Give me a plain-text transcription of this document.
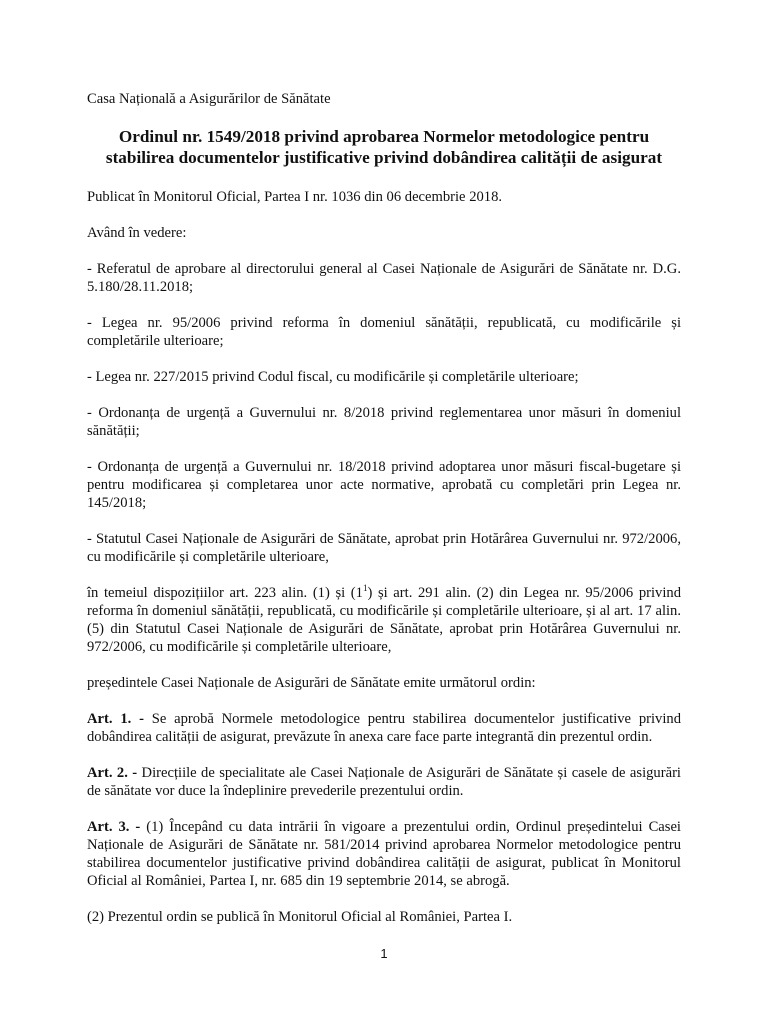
Casa Națională a Asigurărilor de Sănătate

Ordinul nr. 1549/2018 privind aprobarea Normelor metodologice pentru stabilirea documentelor justificative privind dobândirea calității de asigurat

Publicat în Monitorul Oficial, Partea I nr. 1036 din 06 decembrie 2018.

Având în vedere:

- Referatul de aprobare al directorului general al Casei Naționale de Asigurări de Sănătate nr. D.G. 5.180/28.11.2018;

- Legea nr. 95/2006 privind reforma în domeniul sănătății, republicată, cu modificările și completările ulterioare;

- Legea nr. 227/2015 privind Codul fiscal, cu modificările și completările ulterioare;

- Ordonanța de urgență a Guvernului nr. 8/2018 privind reglementarea unor măsuri în domeniul sănătății;

- Ordonanța de urgență a Guvernului nr. 18/2018 privind adoptarea unor măsuri fiscal-bugetare și pentru modificarea și completarea unor acte normative, aprobată cu completări prin Legea nr. 145/2018;

- Statutul Casei Naționale de Asigurări de Sănătate, aprobat prin Hotărârea Guvernului nr. 972/2006, cu modificările și completările ulterioare,

în temeiul dispozițiilor art. 223 alin. (1) și $(1^1)$ și art. 291 alin. (2) din Legea nr. 95/2006 privind reforma în domeniul sănătății, republicată, cu modificările și completările ulterioare, și al art. 17 alin. (5) din Statutul Casei Naționale de Asigurări de Sănătate, aprobat prin Hotărârea Guvernului nr. 972/2006, cu modificările și completările ulterioare,

președintele Casei Naționale de Asigurări de Sănătate emite următorul ordin:

Art. 1. - Se aprobă Normele metodologice pentru stabilirea documentelor justificative privind dobândirea calității de asigurat, prevăzute în anexa care face parte integrantă din prezentul ordin.

Art. 2. - Direcțiile de specialitate ale Casei Naționale de Asigurări de Sănătate și casele de asigurări de sănătate vor duce la îndeplinire prevederile prezentului ordin.

Art. 3. - (1) Începând cu data intrării în vigoare a prezentului ordin, Ordinul președintelui Casei Naționale de Asigurări de Sănătate nr. 581/2014 privind aprobarea Normelor metodologice pentru stabilirea documentelor justificative privind dobândirea calității de asigurat, publicat în Monitorul Oficial al României, Partea I, nr. 685 din 19 septembrie 2014, se abrogă.

(2) Prezentul ordin se publică în Monitorul Oficial al României, Partea I.

1
